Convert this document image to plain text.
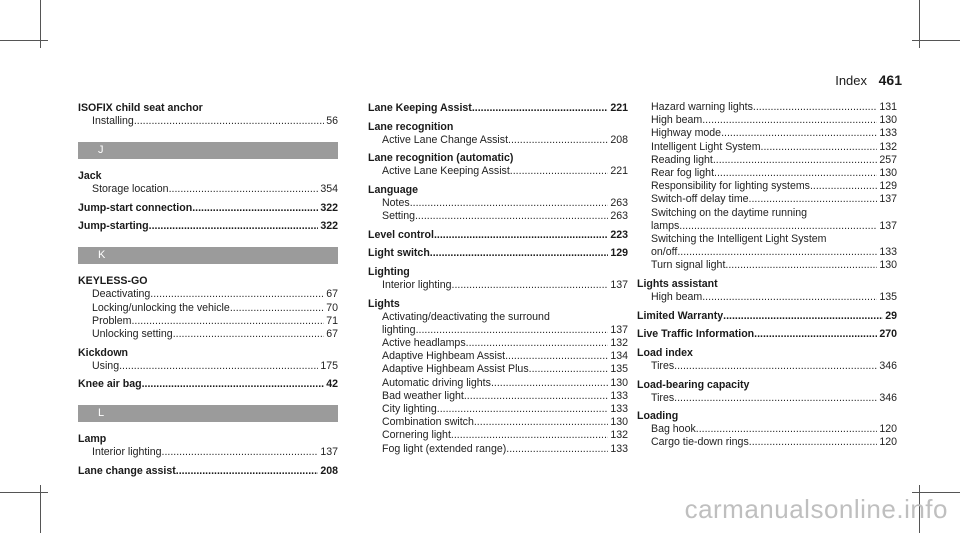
Index 461
ISOFIX child seat anchor
Installing .....	56
J
Jack
Storage location .....	354
Jump-start connection .....	322
Jump-starting .....	322
K
KEYLESS-GO
Deactivating .....	67
Locking/unlocking the vehicle .....	70
Problem .....	71
Unlocking setting .....	67
Kickdown
Using .....	175
Knee air bag .....	42
L
Lamp
Interior lighting .....	137
Lane change assist .....	208
Lane Keeping Assist .....	221
Lane recognition
Active Lane Change Assist .....	208
Lane recognition (automatic)
Active Lane Keeping Assist .....	221
Language
Notes .....	263
Setting .....	263
Level control .....	223
Light switch .....	129
Lighting
Interior lighting .....	137
Lights
Activating/deactivating the surround
lighting .....	137
Active headlamps .....	132
Adaptive Highbeam Assist .....	134
Adaptive Highbeam Assist Plus .....	135
Automatic driving lights .....	130
Bad weather light .....	133
City lighting .....	133
Combination switch .....	130
Cornering light .....	132
Fog light (extended range) .....	133
Hazard warning lights .....	131
High beam .....	130
Highway mode .....	133
Intelligent Light System .....	132
Reading light .....	257
Rear fog light .....	130
Responsibility for lighting systems .....	129
Switch-off delay time .....	137
Switching on the daytime running
lamps .....	137
Switching the Intelligent Light System
on/off .....	133
Turn signal light .....	130
Lights assistant
High beam .....	135
Limited Warranty .....	29
Live Traffic Information .....	270
Load index
Tires .....	346
Load-bearing capacity
Tires .....	346
Loading
Bag hook .....	120
Cargo tie-down rings .....	120
carmanualsonline.info
